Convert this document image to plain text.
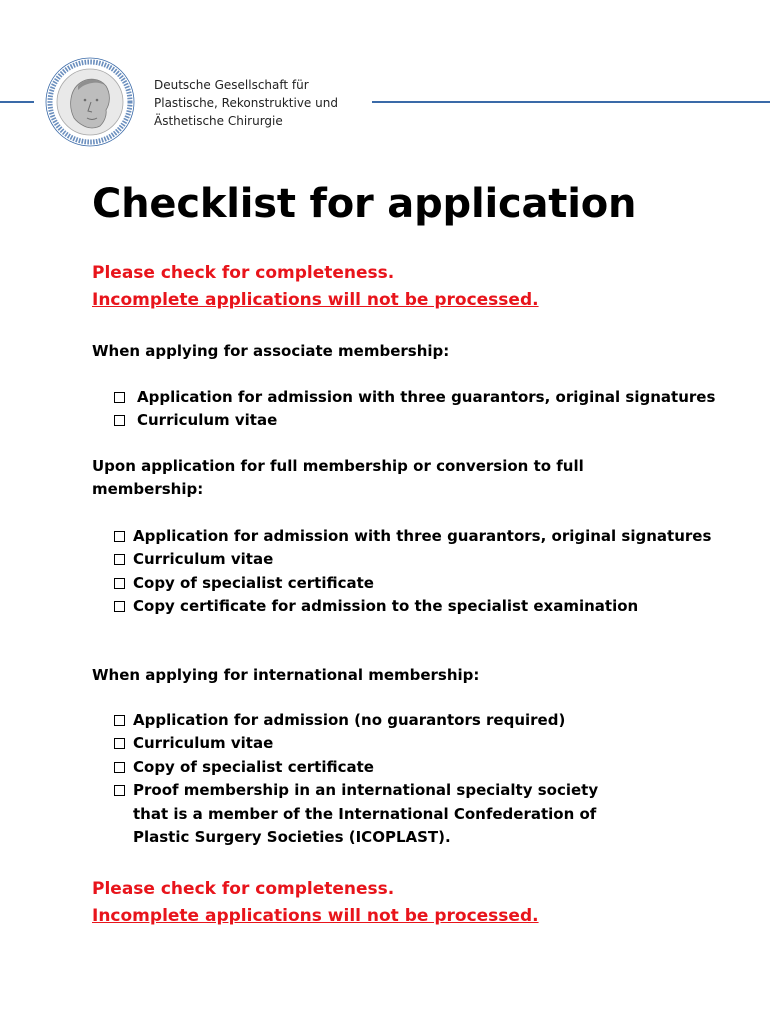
Deutsche Gesellschaft für
Plastische, Rekonstruktive und
Ästhetische Chirurgie
Checklist for application
Please check for completeness.
Incomplete applications will not be processed.

When applying for associate membership:

Application for admission with three guarantors, original signatures
Curriculum vitae

Upon application for full membership or conversion to full membership:

Application for admission with three guarantors, original signatures
Curriculum vitae
Copy of specialist certificate
Copy certificate for admission to the specialist examination

When applying for international membership:

Application for admission (no guarantors required)
Curriculum vitae
Copy of specialist certificate
Proof membership in an international specialty society
that is a member of the International Confederation of
Plastic Surgery Societies (ICOPLAST).
Please check for completeness.
Incomplete applications will not be processed.
